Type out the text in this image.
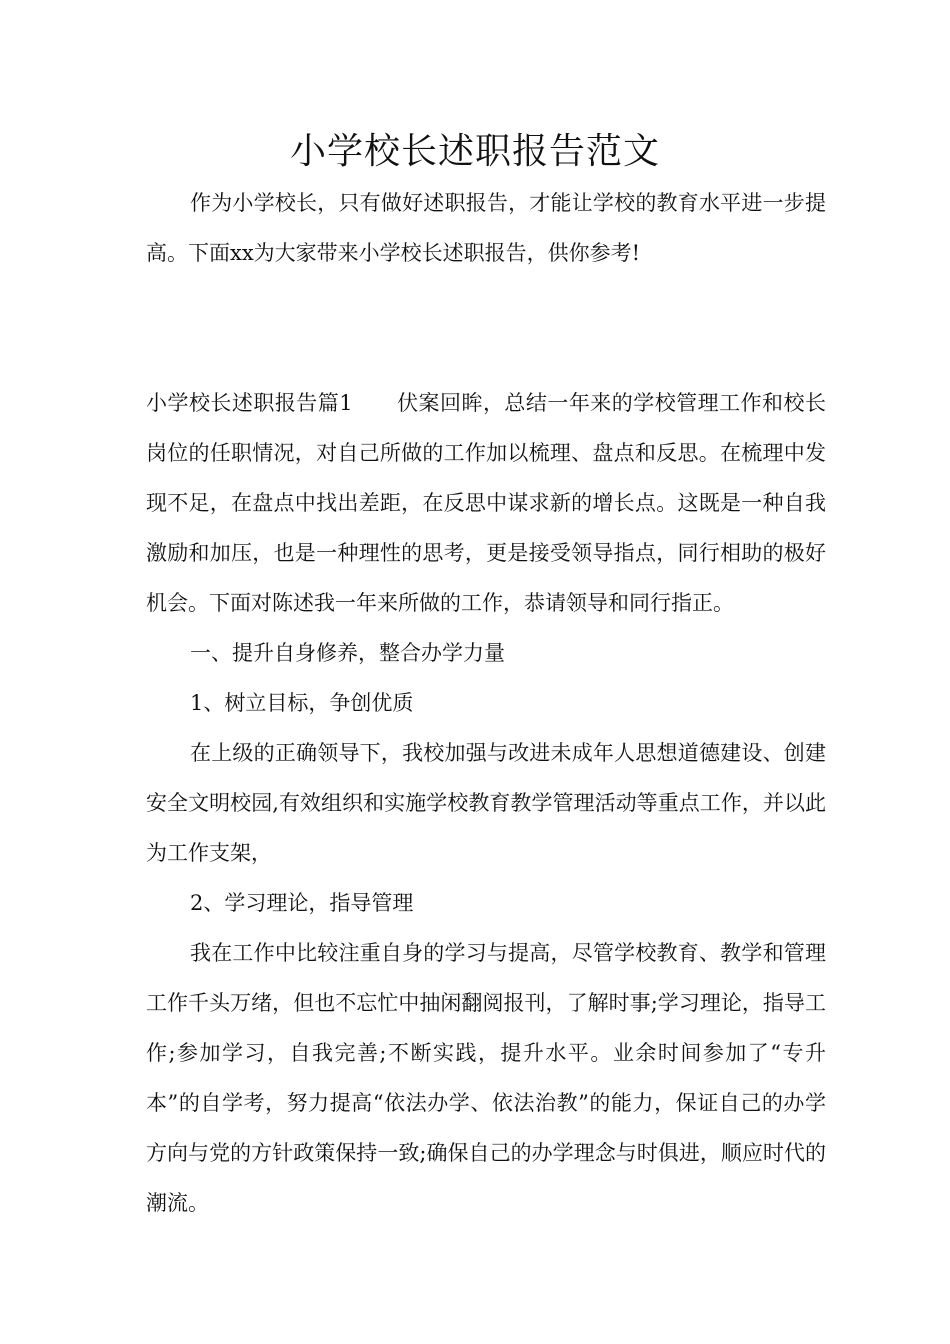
小学校长述职报告范文

作为小学校长，只有做好述职报告，才能让学校的教育水平进一步提高。下面xx为大家带来小学校长述职报告，供你参考!

小学校长述职报告篇1 伏案回眸，总结一年来的学校管理工作和校长岗位的任职情况，对自己所做的工作加以梳理、盘点和反思。在梳理中发现不足，在盘点中找出差距，在反思中谋求新的增长点。这既是一种自我激励和加压，也是一种理性的思考，更是接受领导指点，同行相助的极好机会。下面对陈述我一年来所做的工作，恭请领导和同行指正。

一、提升自身修养，整合办学力量

1、树立目标，争创优质

在上级的正确领导下，我校加强与改进未成年人思想道德建设、创建安全文明校园,有效组织和实施学校教育教学管理活动等重点工作，并以此为工作支架，

2、学习理论，指导管理

我在工作中比较注重自身的学习与提高，尽管学校教育、教学和管理工作千头万绪，但也不忘忙中抽闲翻阅报刊，了解时事;学习理论，指导工作;参加学习，自我完善;不断实践，提升水平。业余时间参加了“专升本”的自学考，努力提高“依法办学、依法治教”的能力，保证自己的办学方向与党的方针政策保持一致;确保自己的办学理念与时俱进，顺应时代的潮流。
